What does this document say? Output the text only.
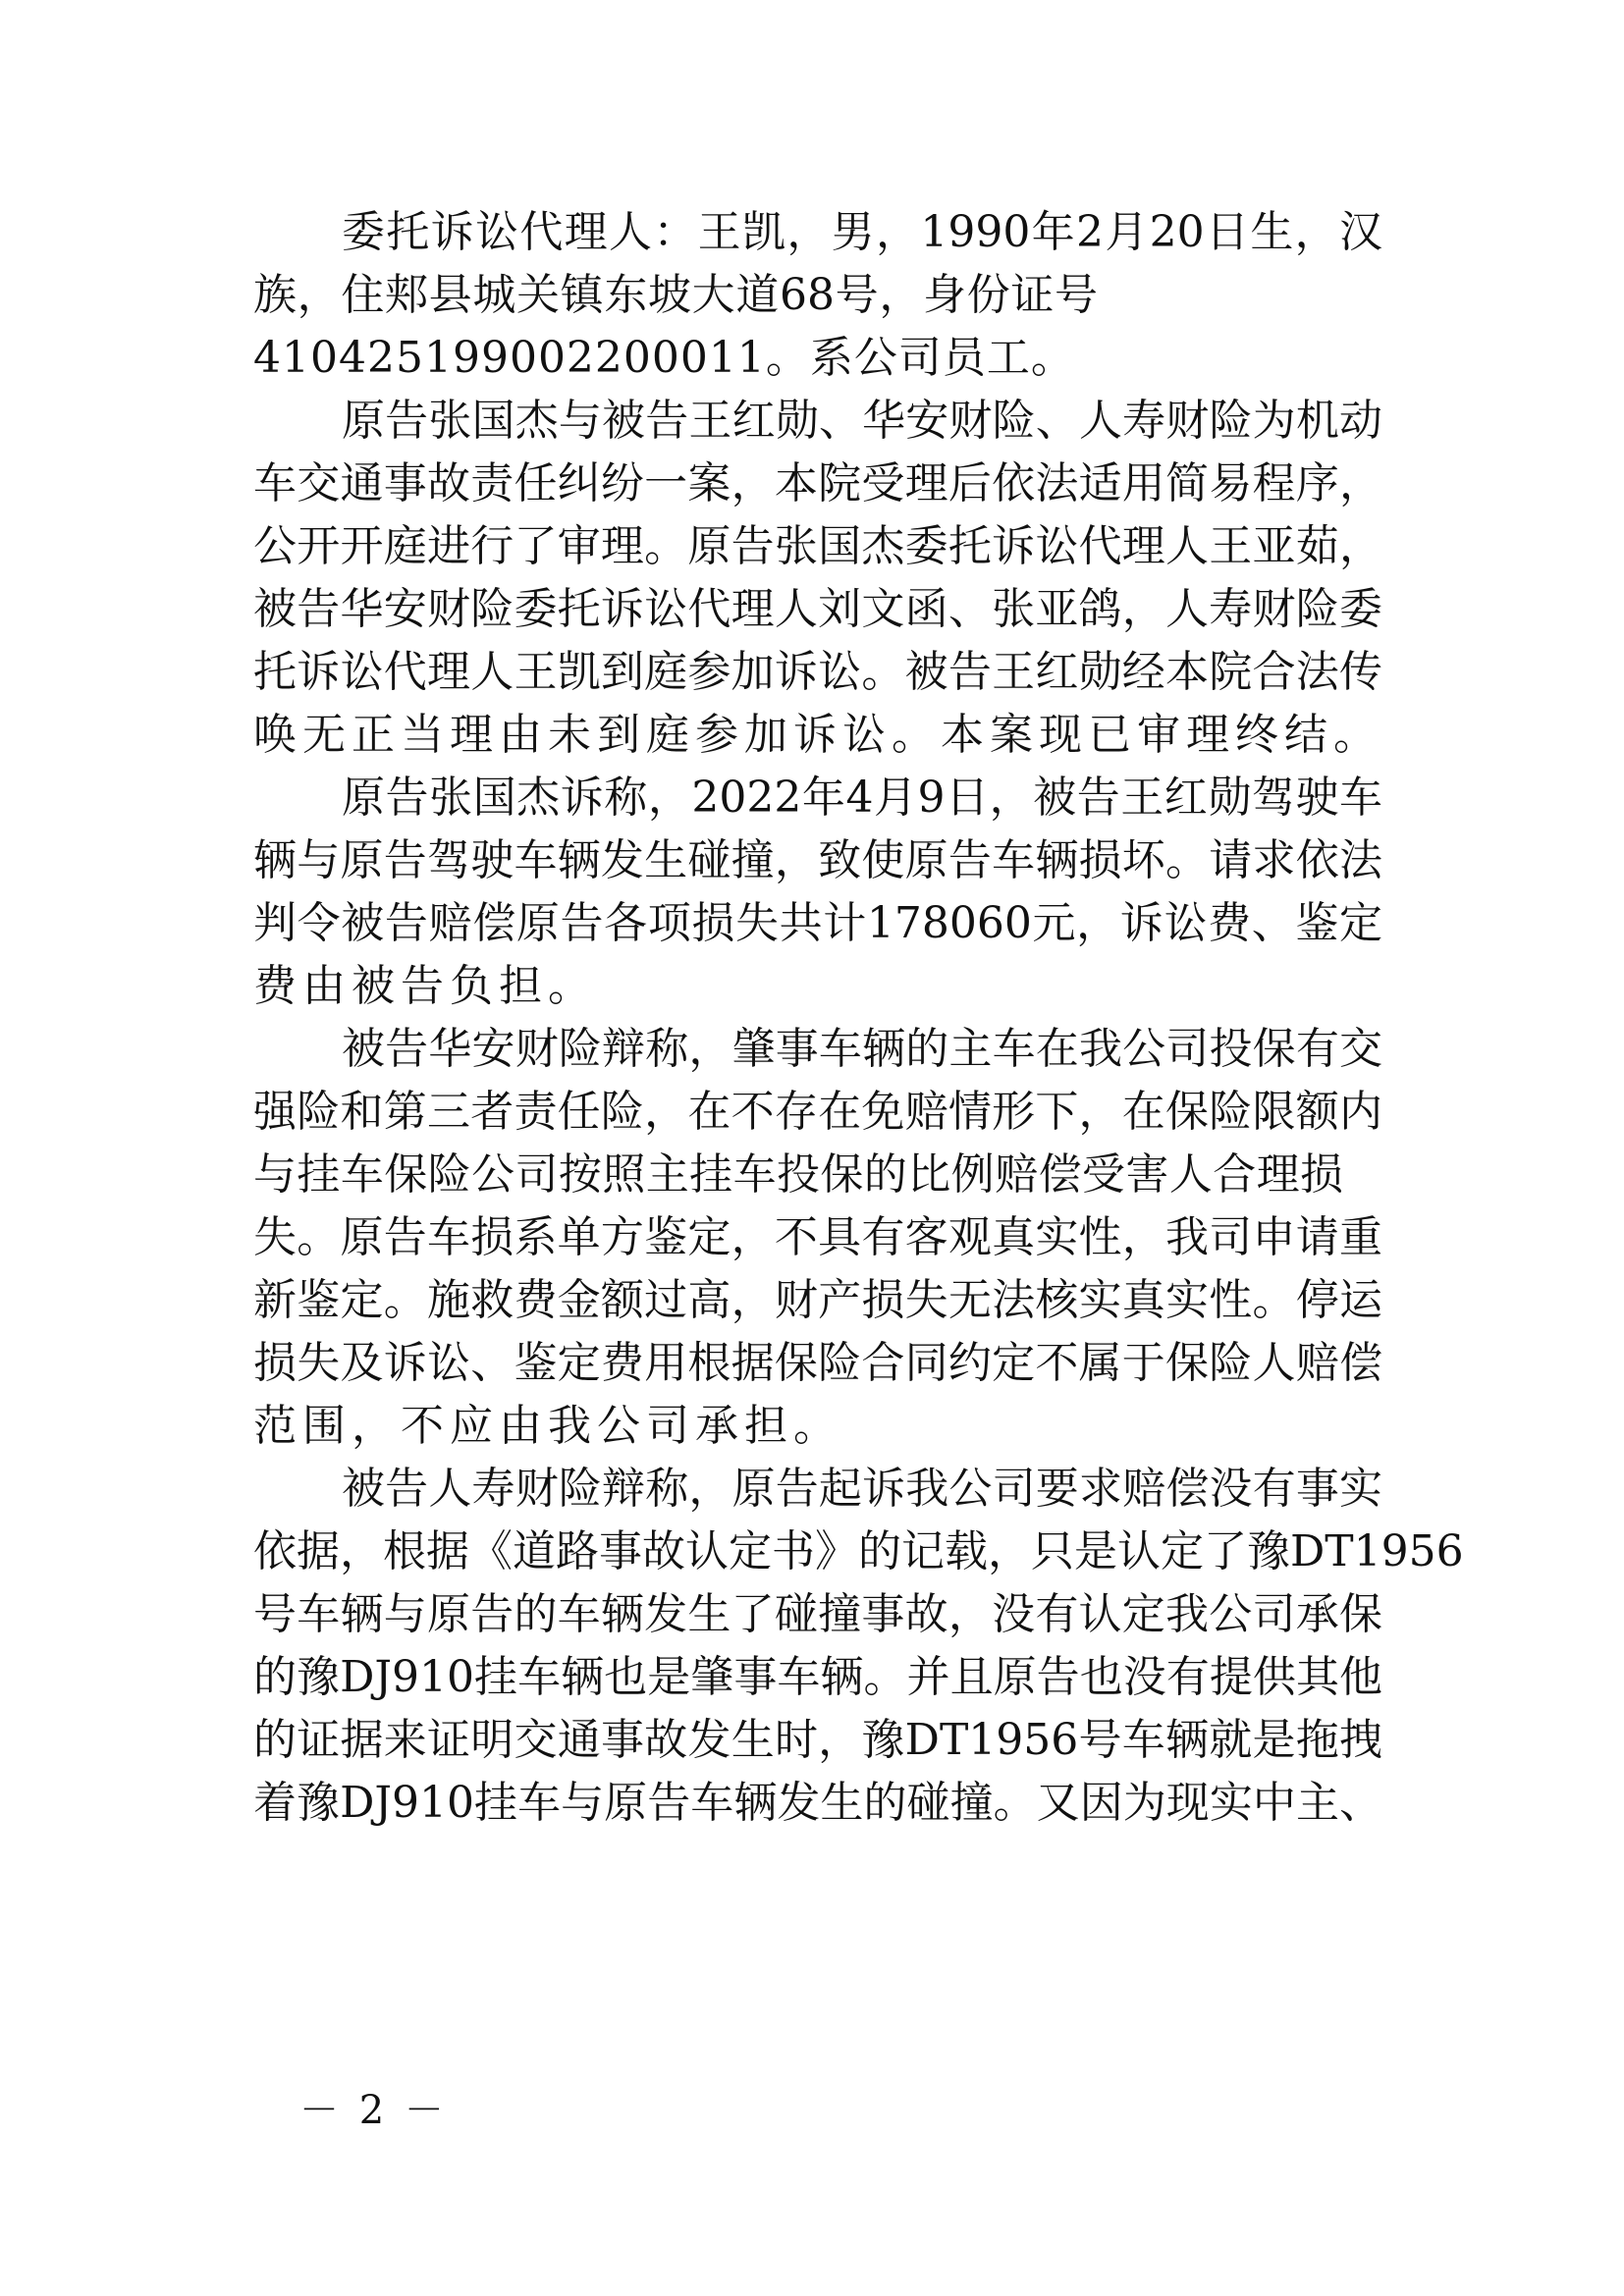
委托诉讼代理人：王凯，男，1990年2月20日生，汉
族，住郏县城关镇东坡大道68号，身份证号
410425199002200011。系公司员工。
原告张国杰与被告王红勋、华安财险、人寿财险为机动
车交通事故责任纠纷一案，本院受理后依法适用简易程序，
公开开庭进行了审理。原告张国杰委托诉讼代理人王亚茹，
被告华安财险委托诉讼代理人刘文函、张亚鸽，人寿财险委
托诉讼代理人王凯到庭参加诉讼。被告王红勋经本院合法传
唤无正当理由未到庭参加诉讼。本案现已审理终结。
原告张国杰诉称，2022年4月9日，被告王红勋驾驶车
辆与原告驾驶车辆发生碰撞，致使原告车辆损坏。请求依法
判令被告赔偿原告各项损失共计178060元，诉讼费、鉴定
费由被告负担。
被告华安财险辩称，肇事车辆的主车在我公司投保有交
强险和第三者责任险，在不存在免赔情形下，在保险限额内
与挂车保险公司按照主挂车投保的比例赔偿受害人合理损
失。原告车损系单方鉴定，不具有客观真实性，我司申请重
新鉴定。施救费金额过高，财产损失无法核实真实性。停运
损失及诉讼、鉴定费用根据保险合同约定不属于保险人赔偿
范围，不应由我公司承担。
被告人寿财险辩称，原告起诉我公司要求赔偿没有事实
依据，根据《道路事故认定书》的记载，只是认定了豫DT1956
号车辆与原告的车辆发生了碰撞事故，没有认定我公司承保
的豫DJ910挂车辆也是肇事车辆。并且原告也没有提供其他
的证据来证明交通事故发生时，豫DT1956号车辆就是拖拽
着豫DJ910挂车与原告车辆发生的碰撞。又因为现实中主、
－ 2 －
